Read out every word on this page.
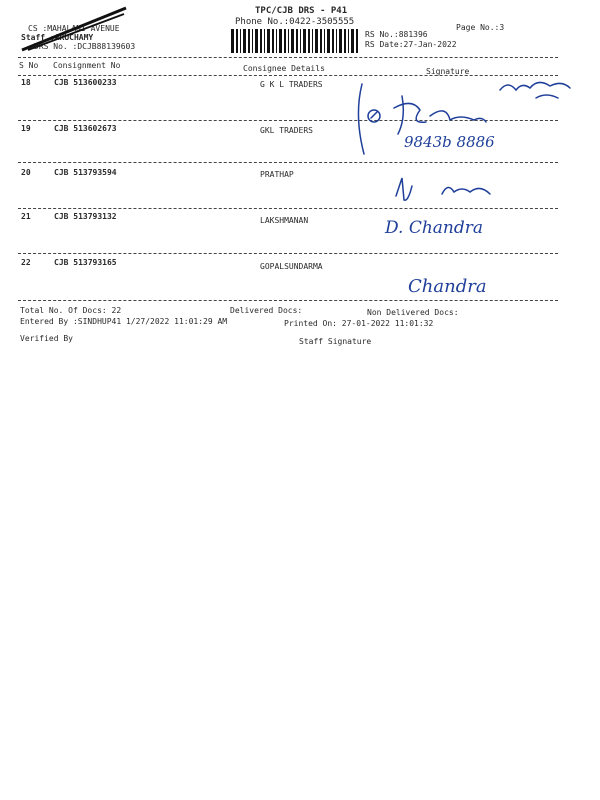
TPC/CJB DRS - P41
Phone No.:0422-3505555
CS :MAHALANI AVENUE
Staff :ARUCHAMY
DRS No. :DCJB88139603
RS No.:881396
RS Date:27-Jan-2022
Page No.:3
S No Consignment No	Consignee Details	Signature
18	CJB 513600233	G K L TRADERS
19	CJB 513602673	GKL TRADERS
20	CJB 513793594	PRATHAP
21	CJB 513793132	LAKSHMANAN
22	CJB 513793165	GOPALSUNDARMA
9843b 8886
D. Chandra
Chandra
Total No. Of Docs: 22	Delivered Docs:	Non Delivered Docs:
Entered By :SINDHUP41 1/27/2022 11:01:29 AM	Printed On: 27-01-2022 11:01:32
Verified By	Staff Signature
